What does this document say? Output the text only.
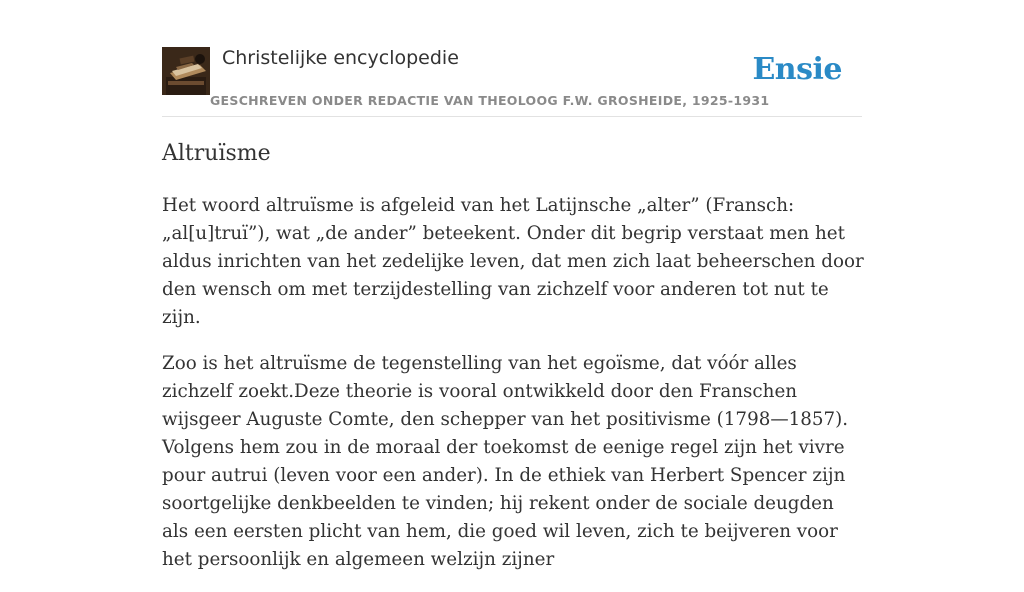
Christelijke encyclopedie
GESCHREVEN ONDER REDACTIE VAN THEOLOOG F.W. GROSHEIDE, 1925-1931
Ensie
Altruïsme

Het woord altruïsme is afgeleid van het Latijnsche „alter” (Fransch: „al[u]truï”), wat „de ander” beteekent. Onder dit begrip verstaat men het aldus inrichten van het zedelijke leven, dat men zich laat beheerschen door den wensch om met terzijdestelling van zichzelf voor anderen tot nut te zijn.

Zoo is het altruïsme de tegenstelling van het egoïsme, dat vóór alles zichzelf zoekt.Deze theorie is vooral ontwikkeld door den Franschen wijsgeer Auguste Comte, den schepper van het positivisme (1798—1857). Volgens hem zou in de moraal der toekomst de eenige regel zijn het vivre pour autrui (leven voor een ander). In de ethiek van Herbert Spencer zijn soortgelijke denkbeelden te vinden; hij rekent onder de sociale deugden als een eersten plicht van hem, die goed wil leven, zich te beijveren voor het persoonlijk en algemeen welzijn zijner
